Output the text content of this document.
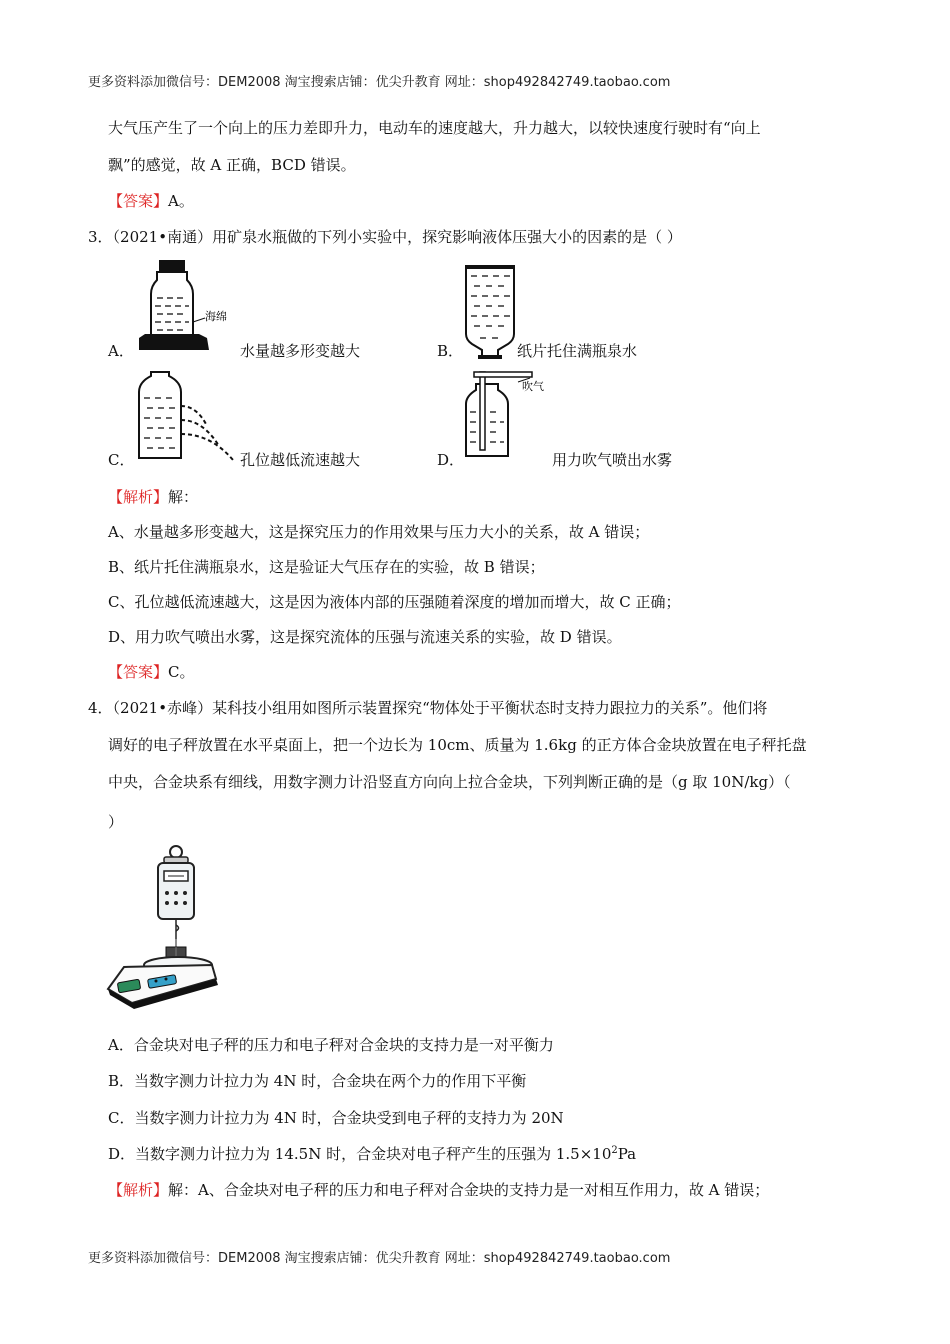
更多资料添加微信号：DEM2008 淘宝搜索店铺：优尖升教育 网址：shop492842749.taobao.com
大气压产生了一个向上的压力差即升力，电动车的速度越大，升力越大，以较快速度行驶时有“向上
飘”的感觉，故 A 正确，BCD 错误。
【答案】A。
3．（2021•南通）用矿泉水瓶做的下列小实验中，探究影响液体压强大小的因素的是（ ）
海绵
A．	水量越多形变越大	B．	纸片托住满瓶泉水
C．	孔位越低流速越大
吹气
D．	用力吹气喷出水雾
【解析】解：
A、水量越多形变越大，这是探究压力的作用效果与压力大小的关系，故 A 错误；
B、纸片托住满瓶泉水，这是验证大气压存在的实验，故 B 错误；
C、孔位越低流速越大，这是因为液体内部的压强随着深度的增加而增大，故 C 正确；
D、用力吹气喷出水雾，这是探究流体的压强与流速关系的实验，故 D 错误。
【答案】C。
4．（2021•赤峰）某科技小组用如图所示装置探究“物体处于平衡状态时支持力跟拉力的关系”。他们将
调好的电子秤放置在水平桌面上，把一个边长为 10cm、质量为 1.6kg 的正方体合金块放置在电子秤托盘
中央，合金块系有细线，用数字测力计沿竖直方向向上拉合金块，下列判断正确的是（g 取 10N/kg）（
）
A．合金块对电子秤的压力和电子秤对合金块的支持力是一对平衡力
B．当数字测力计拉力为 4N 时，合金块在两个力的作用下平衡
C．当数字测力计拉力为 4N 时，合金块受到电子秤的支持力为 20N
D．当数字测力计拉力为 14.5N 时，合金块对电子秤产生的压强为 $1.5\times 10^2Pa$
【解析】解：A、合金块对电子秤的压力和电子秤对合金块的支持力是一对相互作用力，故 A 错误；
更多资料添加微信号：DEM2008 淘宝搜索店铺：优尖升教育 网址：shop492842749.taobao.com
